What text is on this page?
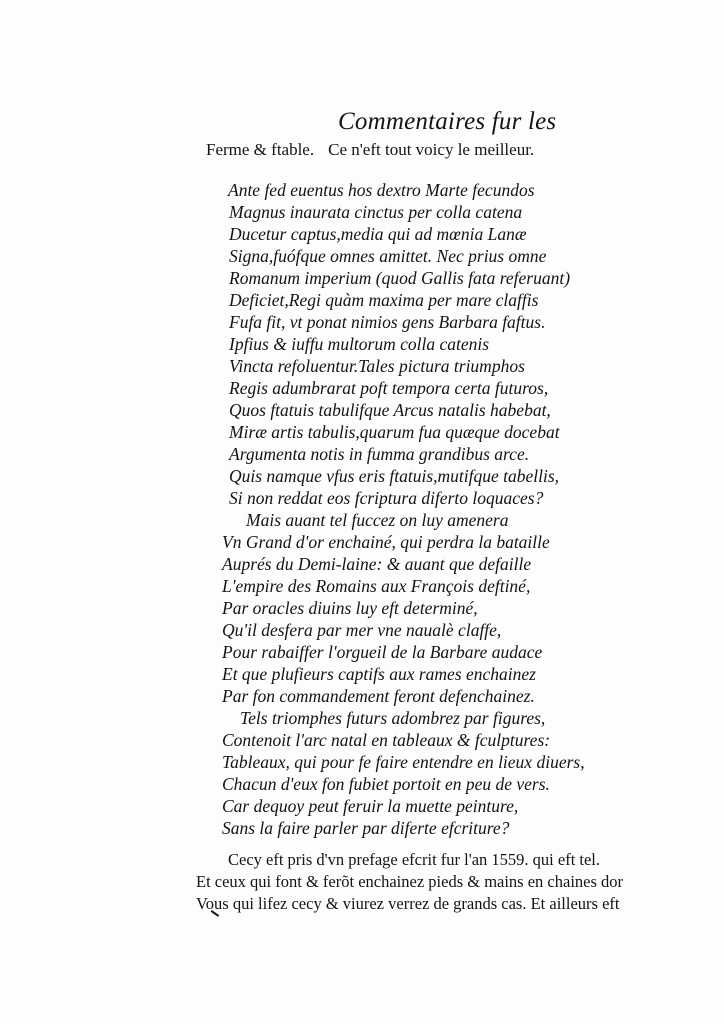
Commentaires fur les
Ferme & ftable. Ce n'eft tout voicy le meilleur.
Ante fed euentus hos dextro Marte fecundos
Magnus inaurata cinctus per colla catena
Ducetur captus,media qui ad mœnia Lanæ
Signa,fuófque omnes amittet. Nec prius omne
Romanum imperium (quod Gallis fata referuant)
Deficiet,Regi quàm maxima per mare claffis
Fufa fit, vt ponat nimios gens Barbara faftus.
Ipfius & iuffu multorum colla catenis
Vincta refoluentur.Tales pictura triumphos
Regis adumbrarat poft tempora certa futuros,
Quos ftatuis tabulifque Arcus natalis habebat,
Miræ artis tabulis,quarum fua quæque docebat
Argumenta notis in fumma grandibus arce.
Quis namque vfus eris ftatuis,mutifque tabellis,
Si non reddat eos fcriptura diferto loquaces?
Mais auant tel fuccez on luy amenera
Vn Grand d'or enchainé, qui perdra la bataille
Auprés du Demi-laine: & auant que defaille
L'empire des Romains aux François deftiné,
Par oracles diuins luy eft determiné,
Qu'il desfera par mer vne naualè claffe,
Pour rabaiffer l'orgueil de la Barbare audace
Et que plufieurs captifs aux rames enchainez
Par fon commandement feront defenchainez.
Tels triomphes futurs adombrez par figures,
Contenoit l'arc natal en tableaux & fculptures:
Tableaux, qui pour fe faire entendre en lieux diuers,
Chacun d'eux fon fubiet portoit en peu de vers.
Car dequoy peut feruir la muette peinture,
Sans la faire parler par diferte efcriture?
Cecy eft pris d'vn prefage efcrit fur l'an 1559. qui eft tel.
Et ceux qui font & ferõt enchainez pieds & mains en chaines dor
Vous qui lifez cecy & viurez verrez de grands cas. Et ailleurs eft
